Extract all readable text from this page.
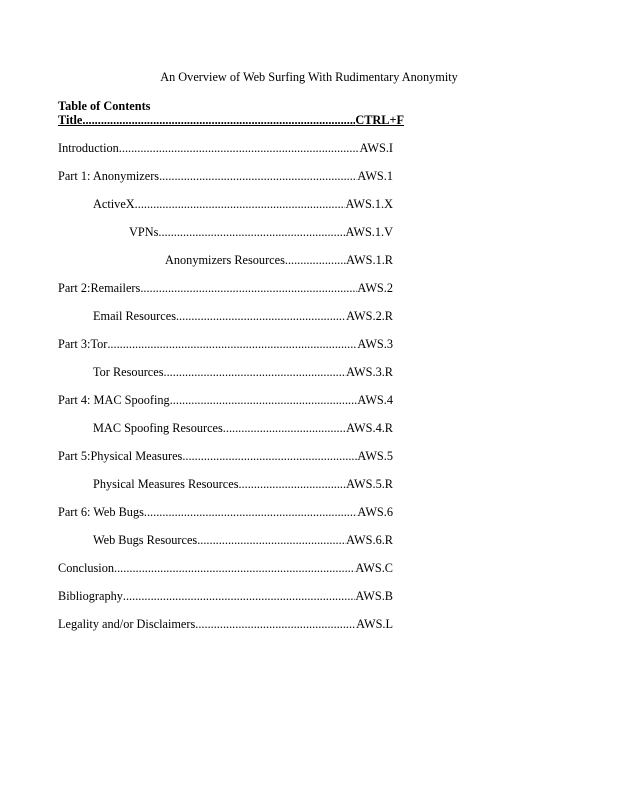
An Overview of Web Surfing With Rudimentary Anonymity
Table of Contents
Title .....	CTRL+F
Introduction .....	AWS.I
Part 1: Anonymizers .....	AWS.1
ActiveX .....	AWS.1.X
VPNs .....	AWS.1.V
Anonymizers Resources .....	AWS.1.R
Part 2:Remailers .....	AWS.2
Email Resources .....	AWS.2.R
Part 3:Tor .....	AWS.3
Tor Resources .....	AWS.3.R
Part 4: MAC Spoofing .....	AWS.4
MAC Spoofing Resources .....	AWS.4.R
Part 5:Physical Measures .....	AWS.5
Physical Measures Resources .....	AWS.5.R
Part 6: Web Bugs .....	AWS.6
Web Bugs Resources .....	AWS.6.R
Conclusion .....	AWS.C
Bibliography .....	AWS.B
Legality and/or Disclaimers .....	AWS.L
